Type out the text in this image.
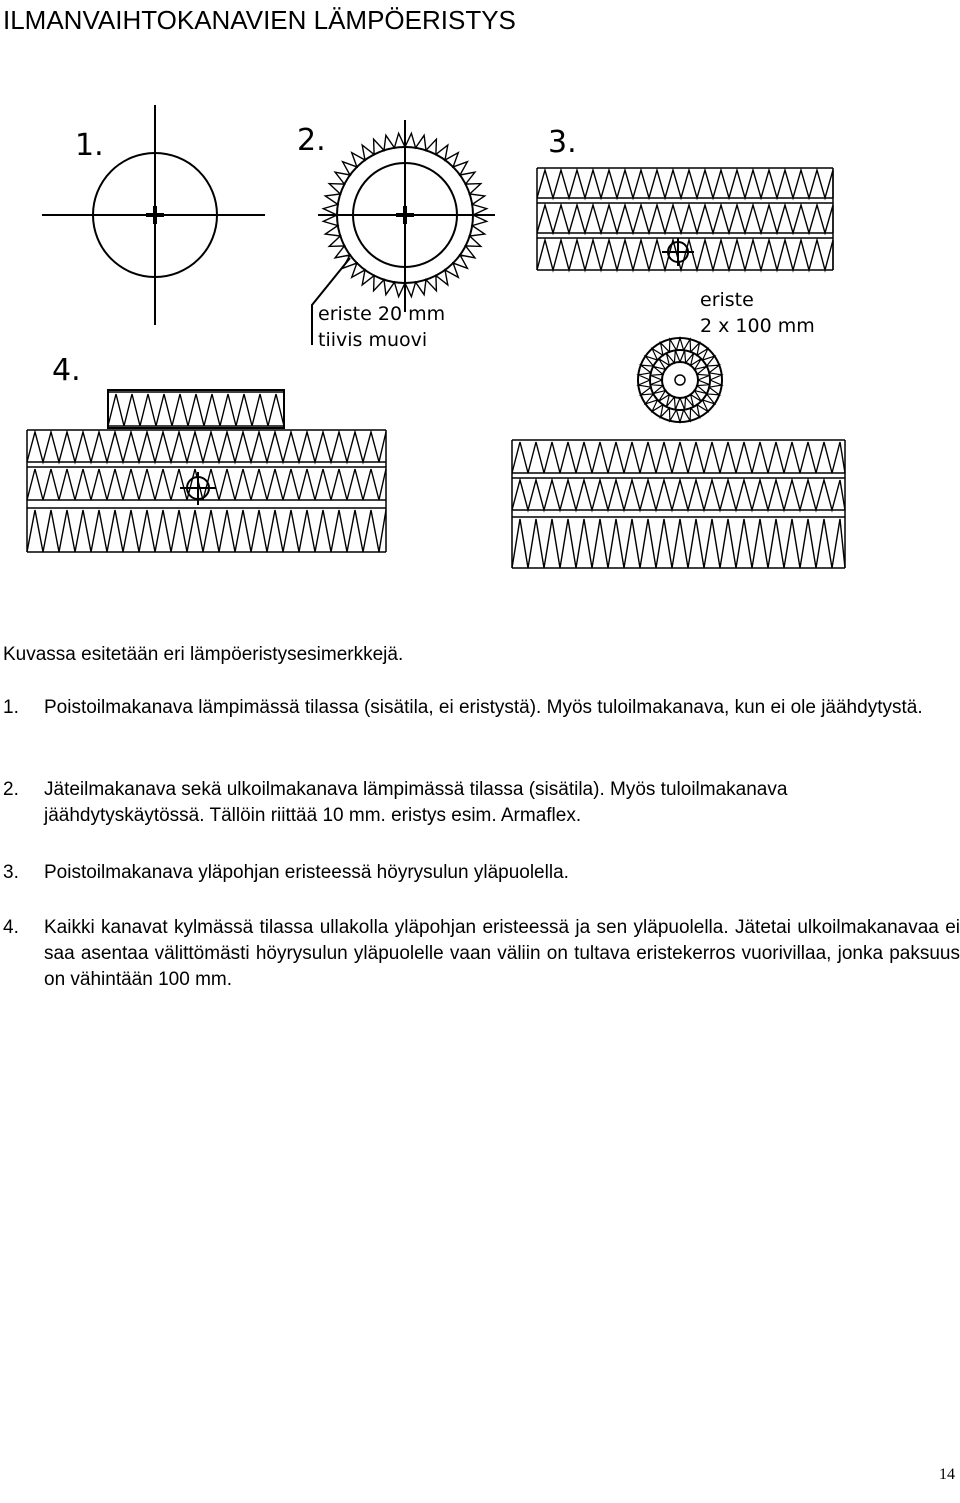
ILMANVAIHTOKANAVIEN LÄMPÖERISTYS
1.	2.	3.
4.
eriste 20 mm
tiivis muovi
eriste
2 x 100 mm

Kuvassa esitetään eri lämpöeristysesimerkkejä.

1. Poistoilmakanava lämpimässä tilassa (sisätila, ei eristystä). Myös tuloilmakanava, kun ei ole jäähdytystä.
2. Jäteilmakanava sekä ulkoilmakanava lämpimässä tilassa (sisätila). Myös tuloilmakanava jäähdytyskäytössä. Tällöin riittää 10 mm. eristys esim. Armaflex.
3. Poistoilmakanava yläpohjan eristeessä höyrysulun yläpuolella.
4. Kaikki kanavat kylmässä tilassa ullakolla yläpohjan eristeessä ja sen yläpuolella. Jätetai ulkoilmakanavaa ei saa asentaa välittömästi höyrysulun yläpuolelle vaan väliin on tultava eristekerros vuorivillaa, jonka paksuus on vähintään 100 mm.
14
